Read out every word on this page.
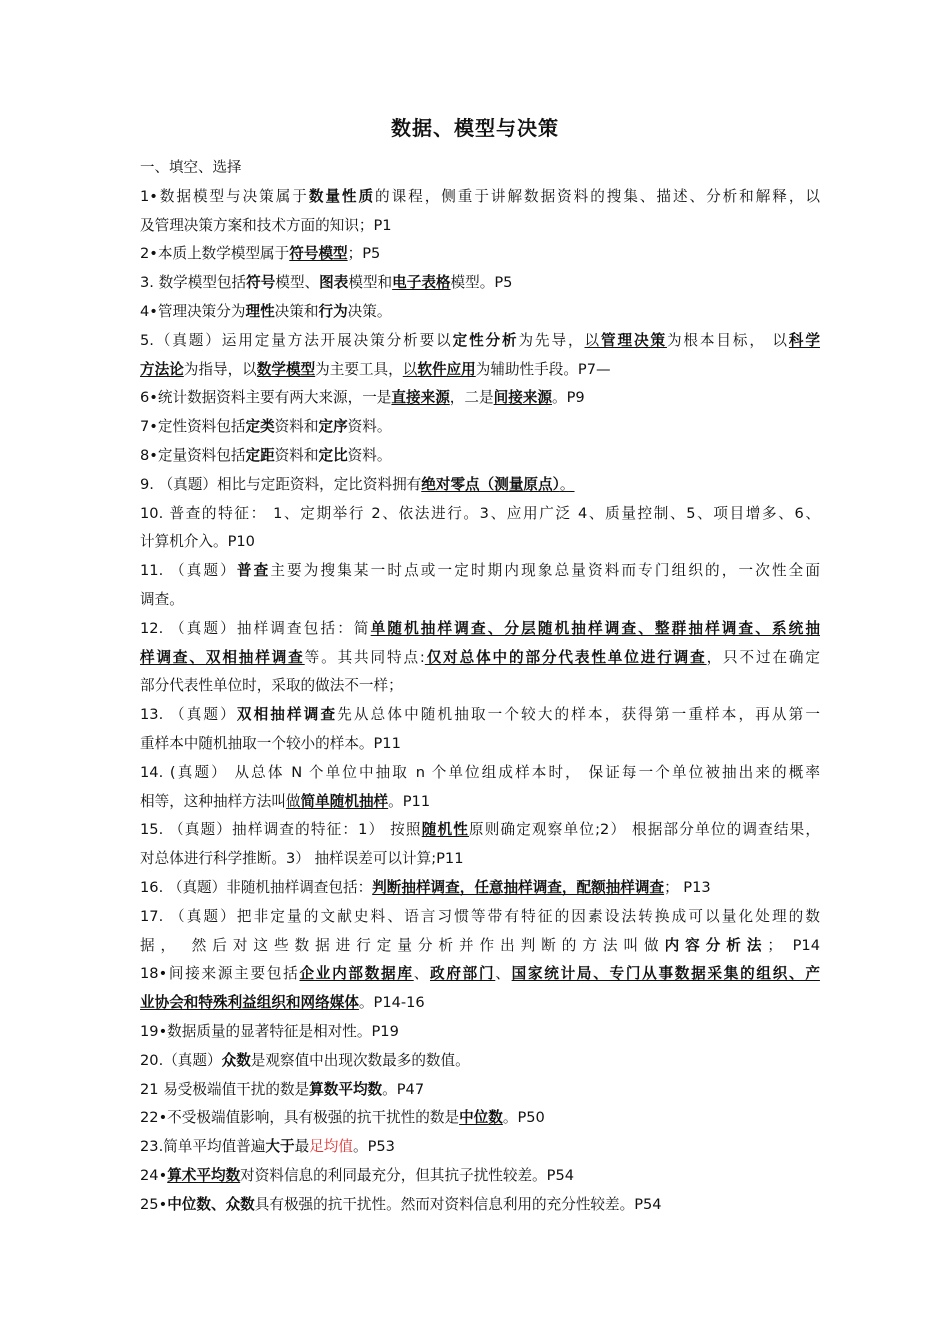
数据、模型与决策
一、填空、选择
1•数据模型与决策属于数量性质的课程，侧重于讲解数据资料的搜集、描述、分析和解释，以
及管理决策方案和技术方面的知识；P1
2•本质上数学模型属于符号模型；P5
3. 数学模型包括符号模型、图表模型和电子表格模型。P5
4•管理决策分为理性决策和行为决策。
5.（真题）运用定量方法开展决策分析要以定性分析为先导，以管理决策为根本目标， 以科学
方法论为指导，以数学模型为主要工具，以软件应用为辅助性手段。P7—
6•统计数据资料主要有两大来源，一是直接来源，二是间接来源。P9
7•定性资料包括定类资料和定序资料。
8•定量资料包括定距资料和定比资料。
9. （真题）相比与定距资料，定比资料拥有绝对零点（测量原点）。
10. 普查的特征： 1、定期举行 2、依法进行。3、应用广泛 4、质量控制、5、项目增多、6、
计算机介入。P10
11. （真题）普查主要为搜集某一时点或一定时期内现象总量资料而专门组织的，一次性全面
调查。
12. （真题）抽样调查包括：简单随机抽样调查、分层随机抽样调查、整群抽样调查、系统抽
样调查、双相抽样调查等。其共同特点:仅对总体中的部分代表性单位进行调查，只不过在确定
部分代表性单位时，采取的做法不一样；
13. （真题）双相抽样调查先从总体中随机抽取一个较大的样本，获得第一重样本，再从第一
重样本中随机抽取一个较小的样本。P11
14. (真题） 从总体 N 个单位中抽取 n 个单位组成样本时， 保证每一个单位被抽出来的概率
相等，这种抽样方法叫做简单随机抽样。P11
15. （真题）抽样调查的特征：1） 按照随机性原则确定观察单位;2） 根据部分单位的调查结果，
对总体进行科学推断。3） 抽样误差可以计算;P11
16. （真题）非随机抽样调查包括：判断抽样调查，任意抽样调查，配额抽样调查； P13
17. （真题）把非定量的文献史料、语言习惯等带有特征的因素设法转换成可以量化处理的数
据， 然后对这些数据进行定量分析并作出判断的方法叫做内容分析法； P14
18•间接来源主要包括企业内部数据库、政府部门、国家统计局、专门从事数据采集的组织、产
业协会和特殊利益组织和网络媒体。P14-16
19•数据质量的显著特征是相对性。P19
20.（真题）众数是观察值中出现次数最多的数值。
21 易受极端值干扰的数是算数平均数。P47
22•不受极端值影响，具有极强的抗干扰性的数是中位数。P50
23.简单平均值普遍大于最足均值。P53
24•算术平均数对资料信息的利同最充分，但其抗子扰性较差。P54
25•中位数、众数具有极强的抗干扰性。然而对资料信息利用的充分性较差。P54
